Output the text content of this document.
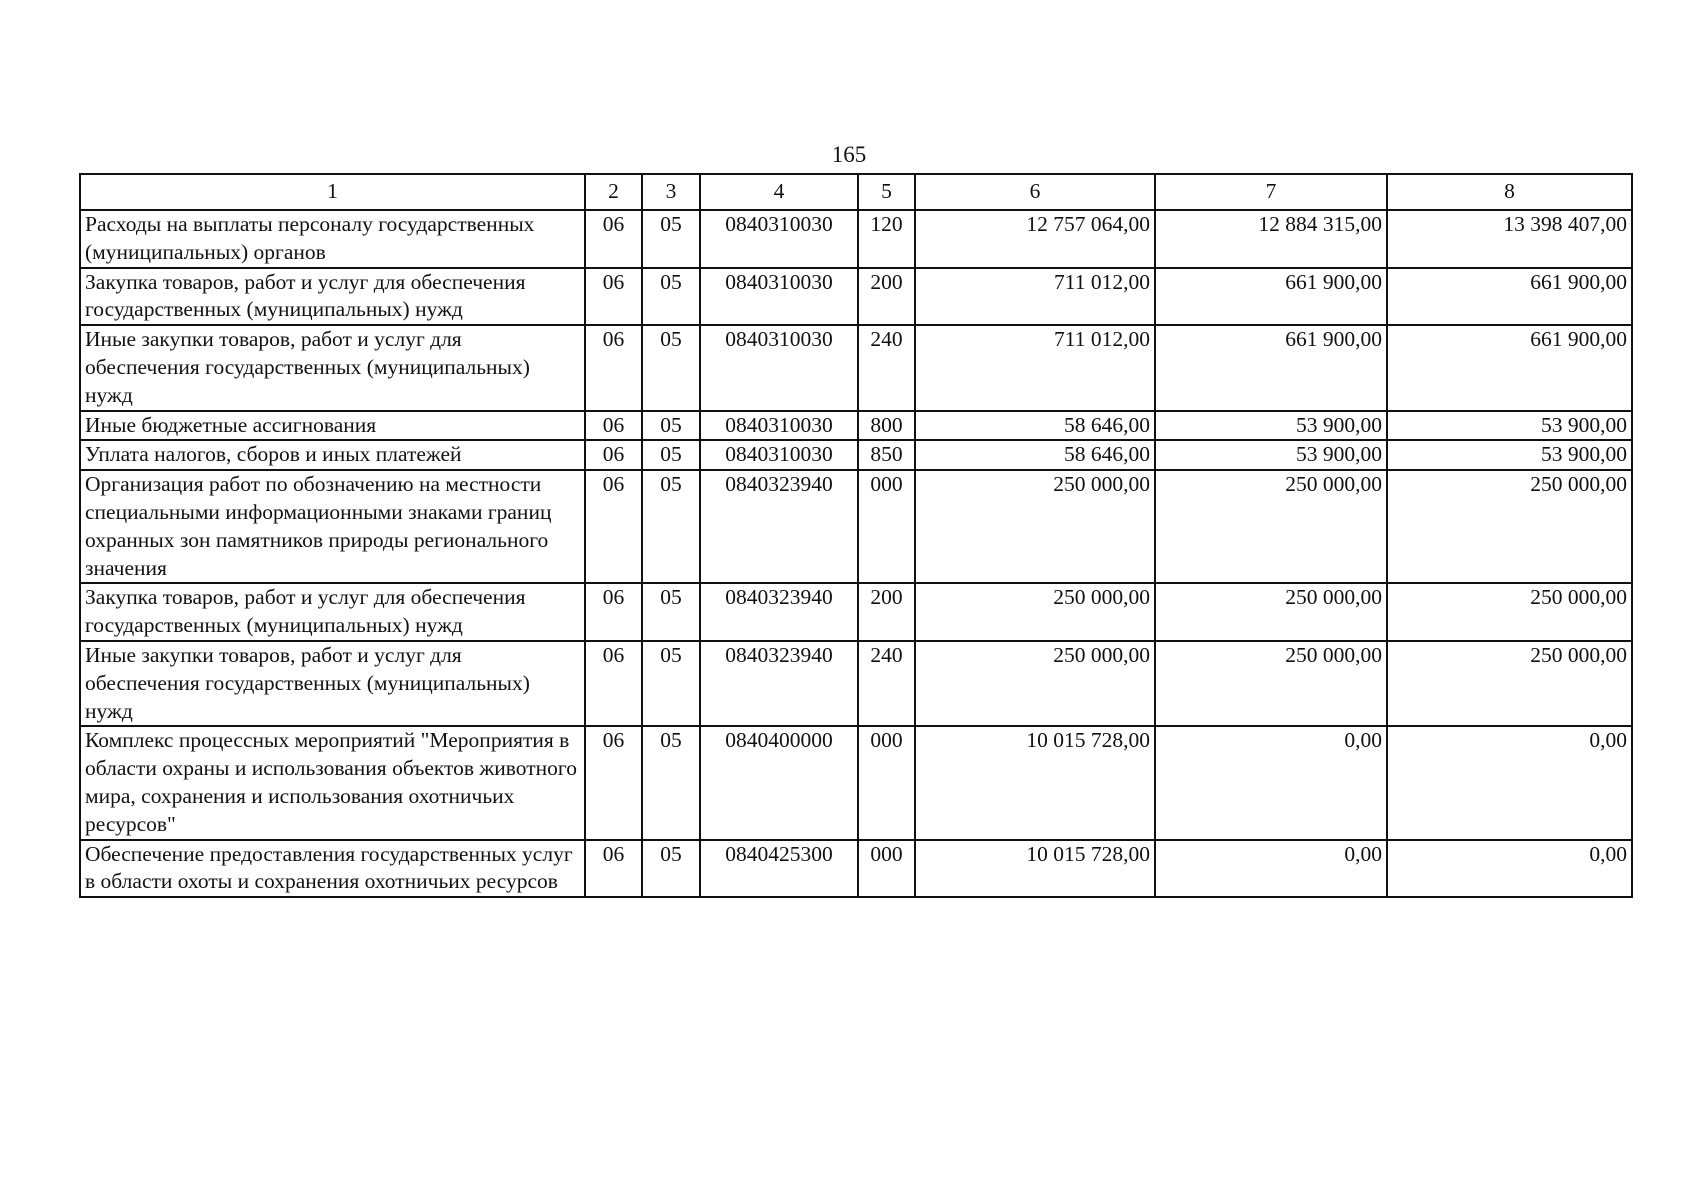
165
1	2	3	4	5	6	7	8
Расходы на выплаты персоналу государственных (муниципальных) органов	06	05	0840310030	120	12 757 064,00	12 884 315,00	13 398 407,00
Закупка товаров, работ и услуг для обеспечения государственных (муниципальных) нужд	06	05	0840310030	200	711 012,00	661 900,00	661 900,00
Иные закупки товаров, работ и услуг для обеспечения государственных (муниципальных) нужд	06	05	0840310030	240	711 012,00	661 900,00	661 900,00
Иные бюджетные ассигнования	06	05	0840310030	800	58 646,00	53 900,00	53 900,00
Уплата налогов, сборов и иных платежей	06	05	0840310030	850	58 646,00	53 900,00	53 900,00
Организация работ по обозначению на местности специальными информационными знаками границ охранных зон памятников природы регионального значения	06	05	0840323940	000	250 000,00	250 000,00	250 000,00
Закупка товаров, работ и услуг для обеспечения государственных (муниципальных) нужд	06	05	0840323940	200	250 000,00	250 000,00	250 000,00
Иные закупки товаров, работ и услуг для обеспечения государственных (муниципальных) нужд	06	05	0840323940	240	250 000,00	250 000,00	250 000,00
Комплекс процессных мероприятий "Мероприятия в области охраны и использования объектов животного мира, сохранения и использования охотничьих ресурсов"	06	05	0840400000	000	10 015 728,00	0,00	0,00
Обеспечение предоставления государственных услуг в области охоты и сохранения охотничьих ресурсов	06	05	0840425300	000	10 015 728,00	0,00	0,00
